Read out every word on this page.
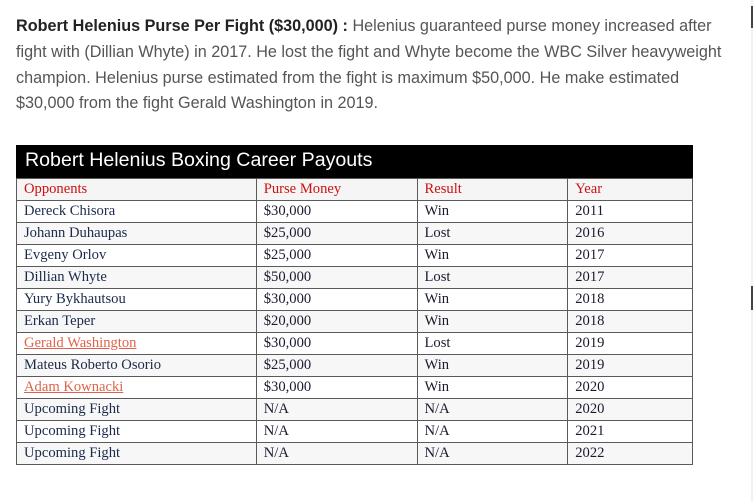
Robert Helenius Purse Per Fight ($30,000) : Helenius guaranteed purse money increased after fight with (Dillian Whyte) in 2017. He lost the fight and Whyte become the WBC Silver heavyweight champion. Helenius purse estimated from the fight is maximum $50,000. He make estimated $30,000 from the fight Gerald Washington in 2019.

Robert Helenius Boxing Career Payouts
Opponents	Purse Money	Result	Year
Dereck Chisora	$30,000	Win	2011
Johann Duhaupas	$25,000	Lost	2016
Evgeny Orlov	$25,000	Win	2017
Dillian Whyte	$50,000	Lost	2017
Yury Bykhautsou	$30,000	Win	2018
Erkan Teper	$20,000	Win	2018
Gerald Washington	$30,000	Lost	2019
Mateus Roberto Osorio	$25,000	Win	2019
Adam Kownacki	$30,000	Win	2020
Upcoming Fight	N/A	N/A	2020
Upcoming Fight	N/A	N/A	2021
Upcoming Fight	N/A	N/A	2022
